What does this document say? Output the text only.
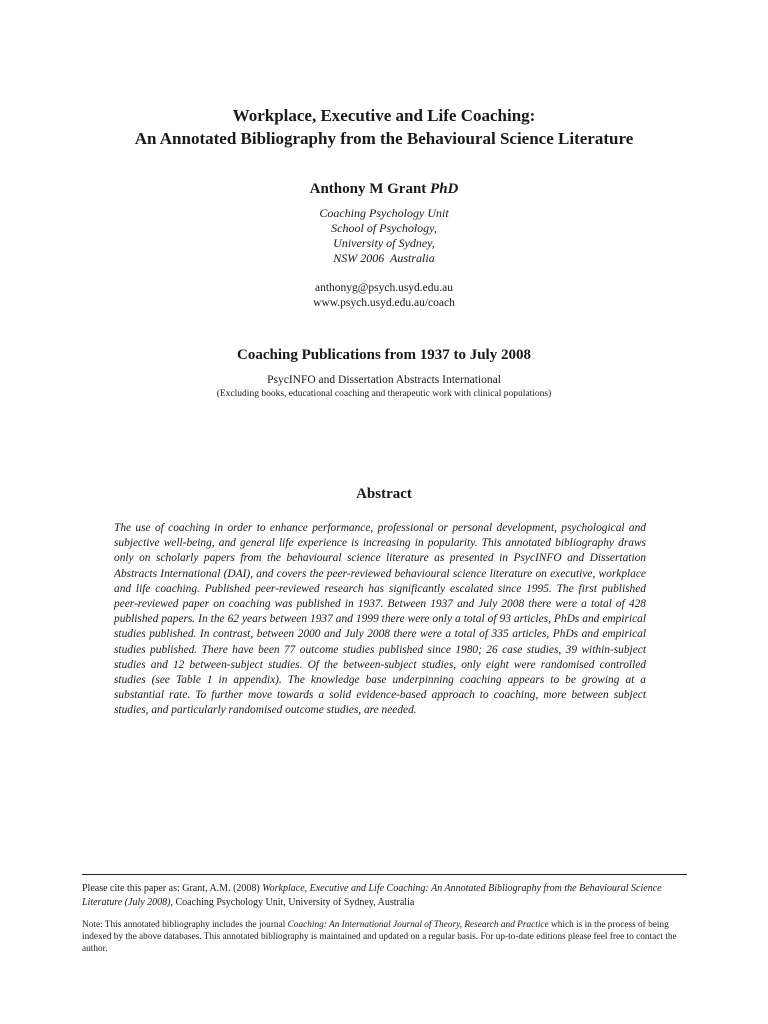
Workplace, Executive and Life Coaching:
An Annotated Bibliography from the Behavioural Science Literature
Anthony M Grant PhD
Coaching Psychology Unit
School of Psychology,
University of Sydney,
NSW 2006  Australia
anthonyg@psych.usyd.edu.au
www.psych.usyd.edu.au/coach
Coaching Publications from 1937 to July 2008
PsycINFO and Dissertation Abstracts International
(Excluding books, educational coaching and therapeutic work with clinical populations)
Abstract

The use of coaching in order to enhance performance, professional or personal development, psychological and subjective well-being, and general life experience is increasing in popularity. This annotated bibliography draws only on scholarly papers from the behavioural science literature as presented in PsycINFO and Dissertation Abstracts International (DAI), and covers the peer-reviewed behavioural science literature on executive, workplace and life coaching. Published peer-reviewed research has significantly escalated since 1995. The first published peer-reviewed paper on coaching was published in 1937. Between 1937 and July 2008 there were a total of 428 published papers. In the 62 years between 1937 and 1999 there were only a total of 93 articles, PhDs and empirical studies published. In contrast, between 2000 and July 2008 there were a total of 335 articles, PhDs and empirical studies published. There have been 77 outcome studies published since 1980; 26 case studies, 39 within-subject studies and 12 between-subject studies. Of the between-subject studies, only eight were randomised controlled studies (see Table 1 in appendix). The knowledge base underpinning coaching appears to be growing at a substantial rate. To further move towards a solid evidence-based approach to coaching, more between subject studies, and particularly randomised outcome studies, are needed.

Please cite this paper as: Grant, A.M. (2008) Workplace, Executive and Life Coaching: An Annotated Bibliography from the Behavioural Science Literature (July 2008), Coaching Psychology Unit, University of Sydney, Australia

Note: This annotated bibliography includes the journal Coaching: An International Journal of Theory, Research and Practice which is in the process of being indexed by the above databases. This annotated bibliography is maintained and updated on a regular basis. For up-to-date editions please feel free to contact the author.
